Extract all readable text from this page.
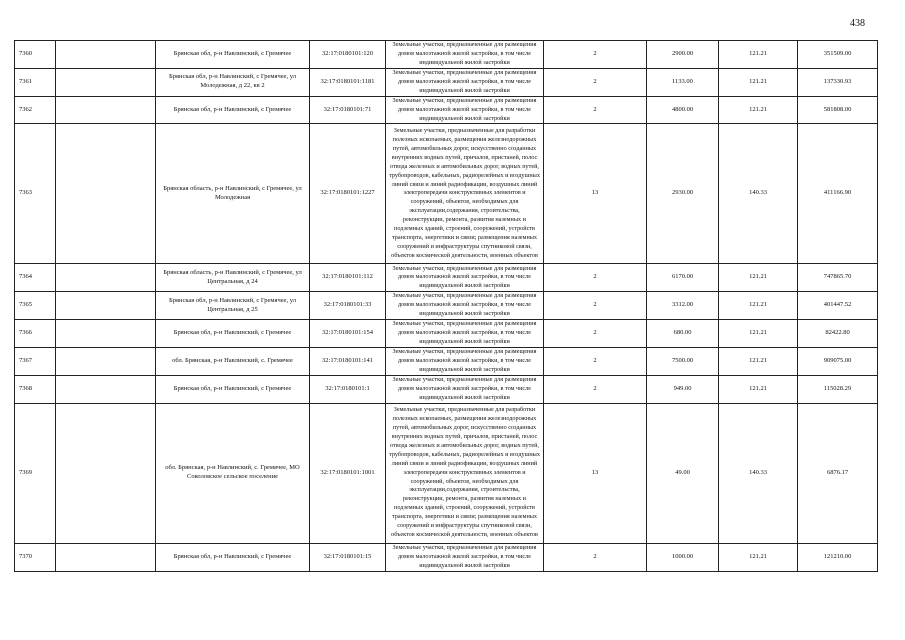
438
7360		Брянская обл, р-н Навлинский, с Гремячее	32:17:0180101:120	Земельные участки, предназначенные для размещения домов малоэтажной жилой застройки, в том числе индивидуальной жилой застройки	2	2900.00	121.21	351509.00
7361		Брянская обл, р-н Навлинский, с Гремячее, ул Молодежная, д 22, кв 2	32:17:0180101:1181	Земельные участки, предназначенные для размещения домов малоэтажной жилой застройки, в том числе индивидуальной жилой застройки	2	1133.00	121.21	137330.93
7362		Брянская обл, р-н Навлинский, с Гремячее	32:17:0180101:71	Земельные участки, предназначенные для размещения домов малоэтажной жилой застройки, в том числе индивидуальной жилой застройки	2	4800.00	121.21	581808.00
7363		Брянская область, р-н Навлинский, с Гремячее, ул Молодежная	32:17:0180101:1227	Земельные участки, предназначенные для разработки полезных ископаемых, размещения железнодорожных путей, автомобильных дорог, искусственно созданных внутренних водных путей, причалов, пристаней, полос отвода железных и автомобильных дорог, водных путей, трубопроводов, кабельных, радиорелейных и воздушных линий связи и линий радиофикации, воздушных линий электропередачи конструктивных элементов и сооружений, объектов, необходимых для эксплуатации,содержания, строительства, реконструкции, ремонта, развития наземных и подземных зданий, строений, сооружений, устройств транспорта, энергетики и связи; размещения наземных сооружений и инфраструктуры спутниковой связи, объектов космической деятельности, военных объектов	13	2930.00	140.33	411166.90
7364		Брянская область, р-н Навлинский, с Гремячее, ул Центральная, д 24	32:17:0180101:112	Земельные участки, предназначенные для размещения домов малоэтажной жилой застройки, в том числе индивидуальной жилой застройки	2	6170.00	121.21	747865.70
7365		Брянская обл, р-н Навлинский, с Гремячее, ул Центральная, д 25	32:17:0180101:33	Земельные участки, предназначенные для размещения домов малоэтажной жилой застройки, в том числе индивидуальной жилой застройки	2	3312.00	121.21	401447.52
7366		Брянская обл, р-н Навлинский, с Гремячее	32:17:0180101:154	Земельные участки, предназначенные для размещения домов малоэтажной жилой застройки, в том числе индивидуальной жилой застройки	2	680.00	121.21	82422.80
7367		обл. Брянская, р-н Навлинский, с. Гремячее	32:17:0180101:141	Земельные участки, предназначенные для размещения домов малоэтажной жилой застройки, в том числе индивидуальной жилой застройки	2	7500.00	121.21	909075.00
7368		Брянская обл, р-н Навлинский, с Гремячее	32:17:0180101:1	Земельные участки, предназначенные для размещения домов малоэтажной жилой застройки, в том числе индивидуальной жилой застройки	2	949.00	121.21	115028.29
7369		обл. Брянская, р-н Навлинский, с. Гремячее, МО Соколовское сельское поселение	32:17:0180101:1001	Земельные участки, предназначенные для разработки полезных ископаемых, размещения железнодорожных путей, автомобильных дорог, искусственно созданных внутренних водных путей, причалов, пристаней, полос отвода железных и автомобильных дорог, водных путей, трубопроводов, кабельных, радиорелейных и воздушных линий связи и линий радиофикации, воздушных линий электропередачи конструктивных элементов и сооружений, объектов, необходимых для эксплуатации,содержания, строительства, реконструкции, ремонта, развития наземных и подземных зданий, строений, сооружений, устройств транспорта, энергетики и связи; размещения наземных сооружений и инфраструктуры спутниковой связи, объектов космической деятельности, военных объектов	13	49.00	140.33	6876.17
7370		Брянская обл, р-н Навлинский, с Гремячее	32:17:0180101:15	Земельные участки, предназначенные для размещения домов малоэтажной жилой застройки, в том числе индивидуальной жилой застройки	2	1000.00	121.21	121210.00
